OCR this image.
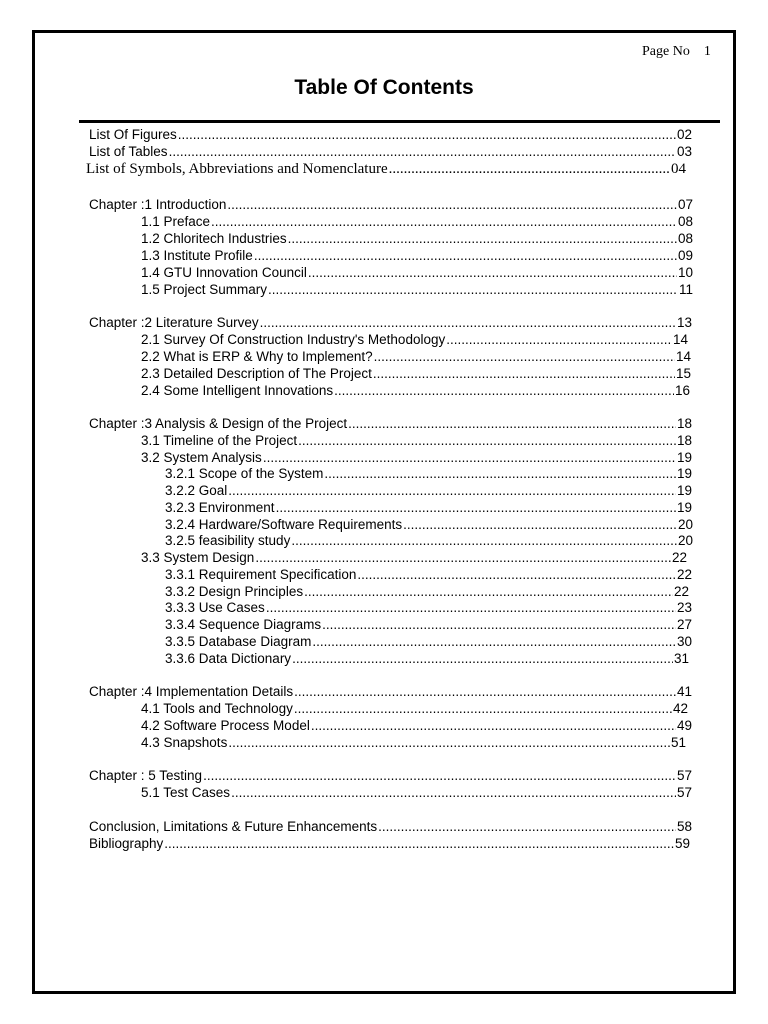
Page No 1
Table Of Contents
List Of Figures .....	02
List of Tables .....	03
List of Symbols, Abbreviations and Nomenclature .....	04
Chapter :1 Introduction .....	07
1.1 Preface .....	08
1.2 Chloritech Industries .....	08
1.3 Institute Profile .....	09
1.4 GTU Innovation Council .....	10
1.5 Project Summary .....	11
Chapter :2 Literature Survey .....	13
2.1 Survey Of Construction Industry's Methodology .....	14
2.2 What is ERP & Why to Implement? .....	14
2.3 Detailed Description of The Project .....	15
2.4 Some Intelligent Innovations .....	16
Chapter :3 Analysis & Design of the Project .....	18
3.1 Timeline of the Project .....	18
3.2 System Analysis .....	19
3.2.1 Scope of the System .....	19
3.2.2 Goal .....	19
3.2.3 Environment .....	19
3.2.4 Hardware/Software Requirements .....	20
3.2.5 feasibility study .....	20
3.3 System Design .....	22
3.3.1 Requirement Specification .....	22
3.3.2 Design Principles .....	22
3.3.3 Use Cases .....	23
3.3.4 Sequence Diagrams .....	27
3.3.5 Database Diagram .....	30
3.3.6 Data Dictionary .....	31
Chapter :4 Implementation Details .....	41
4.1 Tools and Technology .....	42
4.2 Software Process Model .....	49
4.3 Snapshots .....	51
Chapter : 5 Testing .....	57
5.1 Test Cases .....	57
Conclusion, Limitations & Future Enhancements .....	58
Bibliography .....	59
